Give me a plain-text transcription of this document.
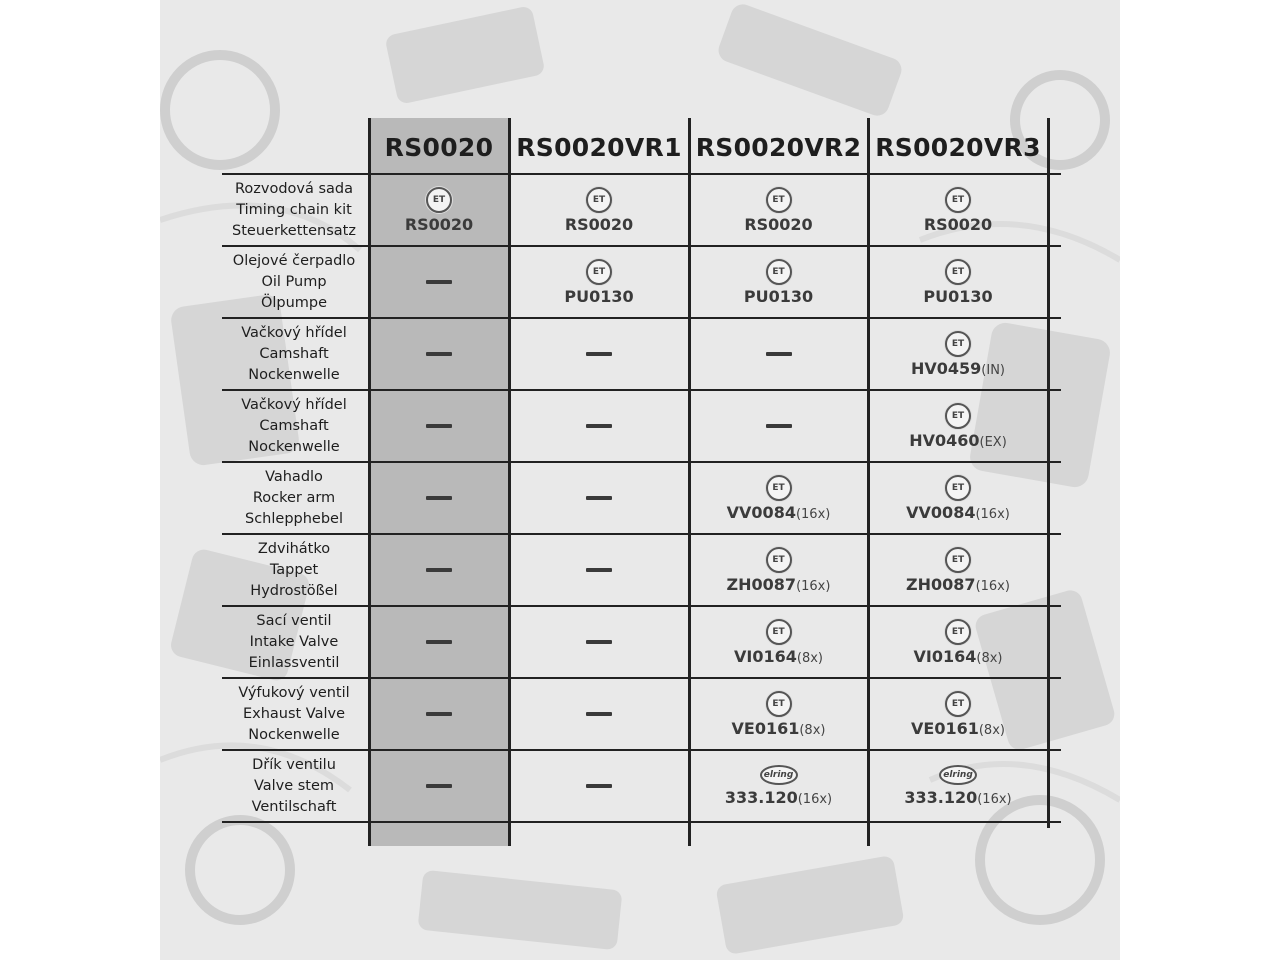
RS0020 RS0020VR1 RS0020VR2 RS0020VR3
Rozvodová sada
Timing chain kit
Steuerkettensatz
ET
RS0020
ET
RS0020
ET
RS0020
ET
RS0020
Olejové čerpadlo
Oil Pump
Ölpumpe
ET
PU0130
ET
PU0130
ET
PU0130
Vačkový hřídel
Camshaft
Nockenwelle
ET
HV0459(IN)
Vačkový hřídel
Camshaft
Nockenwelle
ET
HV0460(EX)
Vahadlo
Rocker arm
Schlepphebel
ET
VV0084(16x)
ET
VV0084(16x)
Zdvihátko
Tappet
Hydrostößel
ET
ZH0087(16x)
ET
ZH0087(16x)
Sací ventil
Intake Valve
Einlassventil
ET
VI0164(8x)
ET
VI0164(8x)
Výfukový ventil
Exhaust Valve
Nockenwelle
ET
VE0161(8x)
ET
VE0161(8x)
Dřík ventilu
Valve stem
Ventilschaft
elring
333.120(16x)
elring
333.120(16x)
